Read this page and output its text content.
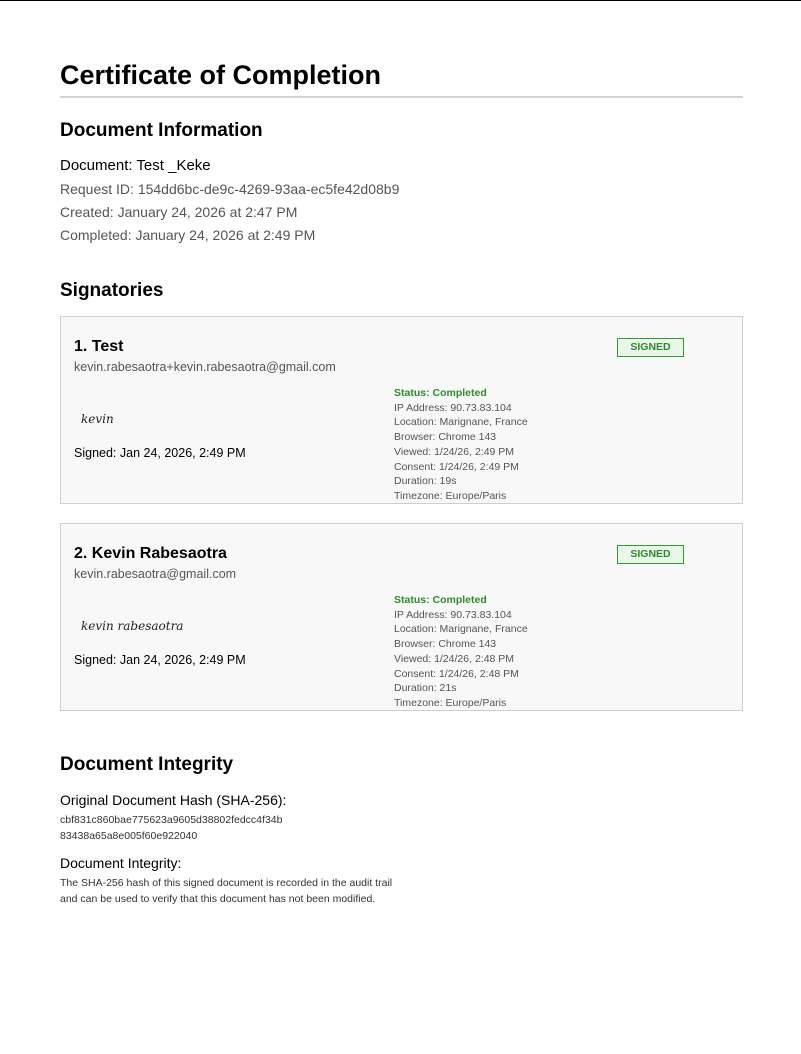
Certificate of Completion
Document Information
Document: Test _Keke
Request ID: 154dd6bc-de9c-4269-93aa-ec5fe42d08b9
Created: January 24, 2026 at 2:47 PM
Completed: January 24, 2026 at 2:49 PM
Signatories
1. Test
kevin.rabesaotra+kevin.rabesaotra@gmail.com
SIGNED
kevin
Signed: Jan 24, 2026, 2:49 PM
Status: Completed
IP Address: 90.73.83.104
Location: Marignane, France
Browser: Chrome 143
Viewed: 1/24/26, 2:49 PM
Consent: 1/24/26, 2:49 PM
Duration: 19s
Timezone: Europe/Paris
2. Kevin Rabesaotra
kevin.rabesaotra@gmail.com
SIGNED
kevin rabesaotra
Signed: Jan 24, 2026, 2:49 PM
Status: Completed
IP Address: 90.73.83.104
Location: Marignane, France
Browser: Chrome 143
Viewed: 1/24/26, 2:48 PM
Consent: 1/24/26, 2:48 PM
Duration: 21s
Timezone: Europe/Paris
Document Integrity
Original Document Hash (SHA-256):
cbf831c860bae775623a9605d38802fedcc4f34b
83438a65a8e005f60e922040
Document Integrity:
The SHA-256 hash of this signed document is recorded in the audit trail
and can be used to verify that this document has not been modified.
